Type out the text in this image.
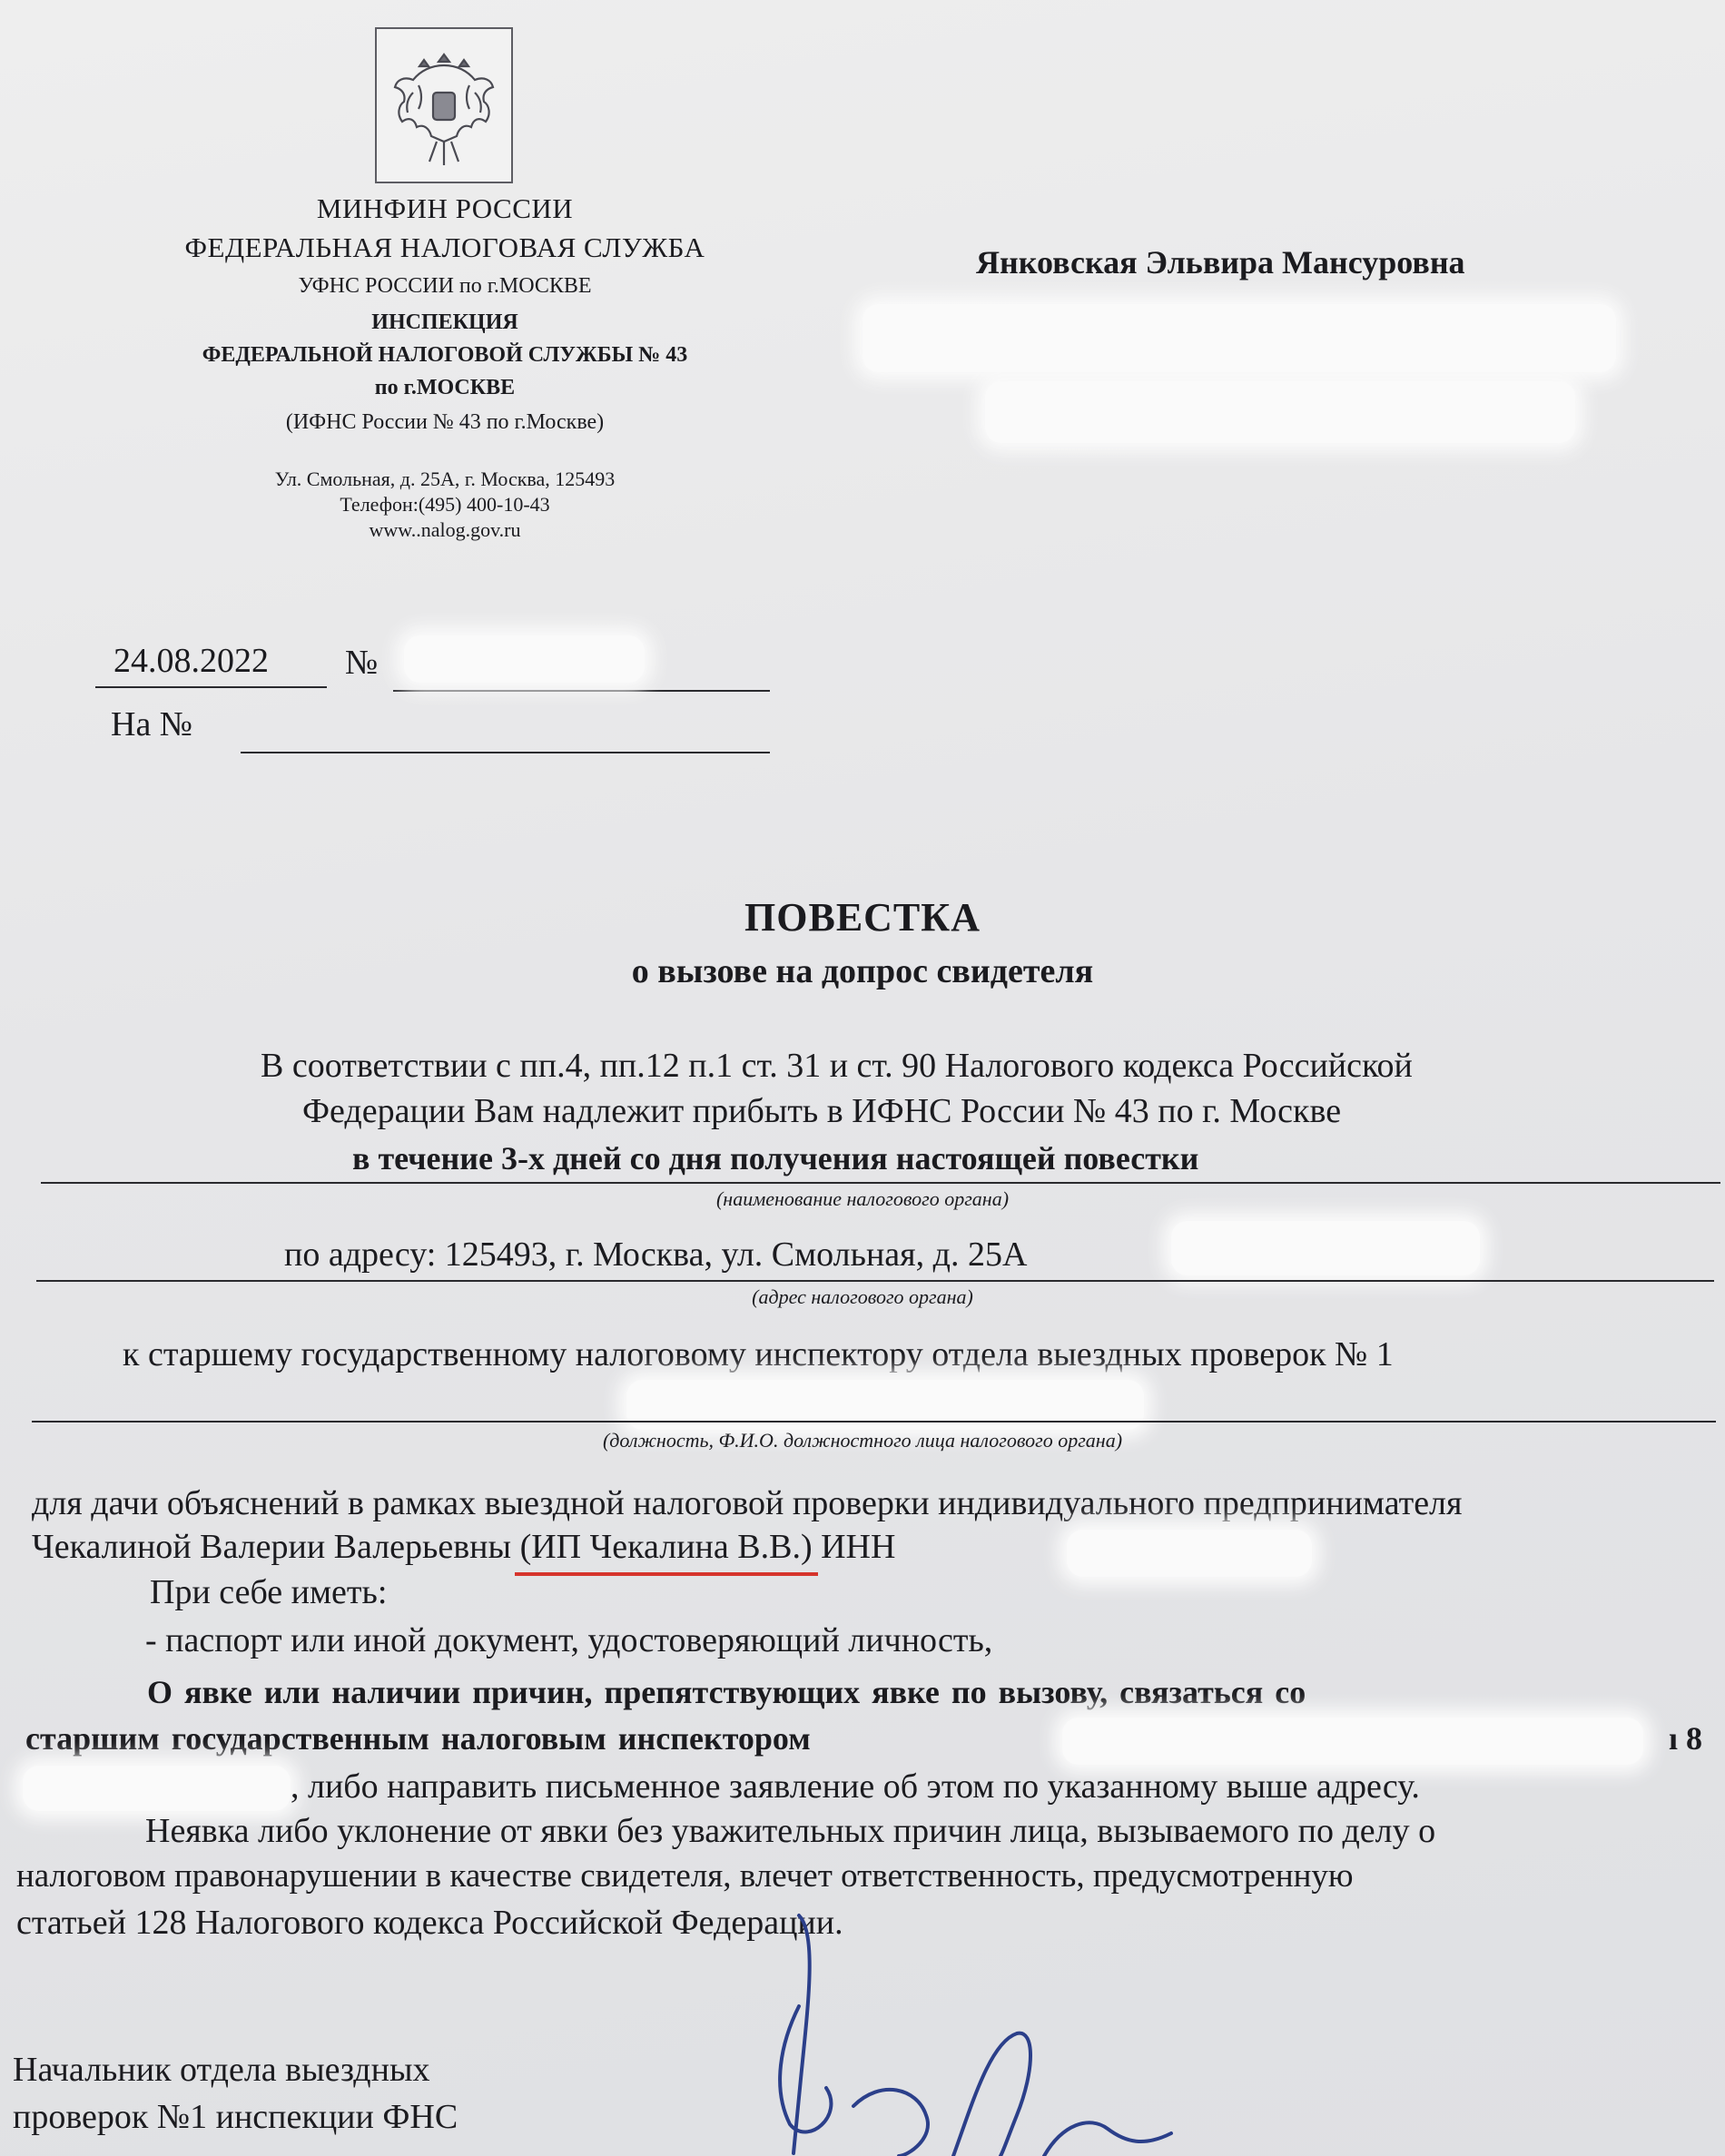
МИНФИН РОССИИ
ФЕДЕРАЛЬНАЯ НАЛОГОВАЯ СЛУЖБА
УФНС РОССИИ по г.МОСКВЕ
ИНСПЕКЦИЯ
ФЕДЕРАЛЬНОЙ НАЛОГОВОЙ СЛУЖБЫ № 43
по г.МОСКВЕ
(ИФНС России № 43 по г.Москве)
Ул. Смольная, д. 25А, г. Москва, 125493
Телефон:(495) 400-10-43
www..nalog.gov.ru
Янковская Эльвира Мансуровна
24.08.2022 №
На №
ПОВЕСТКА
о вызове на допрос свидетеля
В соответствии с пп.4, пп.12 п.1 ст. 31 и ст. 90 Налогового кодекса Российской
Федерации Вам надлежит прибыть в ИФНС России № 43 по г. Москве
в течение 3-х дней со дня получения настоящей повестки
(наименование налогового органа)
по адресу: 125493, г. Москва, ул. Смольная, д. 25А
(адрес налогового органа)
к старшему государственному налоговому инспектору отдела выездных проверок № 1
(должность, Ф.И.О. должностного лица налогового органа)
для дачи объяснений в рамках выездной налоговой проверки индивидуального предпринимателя
Чекалиной Валерии Валерьевны (ИП Чекалина В.В.) ИНН
При себе иметь:
- паспорт или иной документ, удостоверяющий личность,
О явке или наличии причин, препятствующих явке по вызову, связаться со
старшим государственным налоговым инспектором	ı 8
, либо направить письменное заявление об этом по указанному выше адресу.
Неявка либо уклонение от явки без уважительных причин лица, вызываемого по делу о
налоговом правонарушении в качестве свидетеля, влечет ответственность, предусмотренную
статьей 128 Налогового кодекса Российской Федерации.
Начальник отдела выездных
проверок №1 инспекции ФНС
